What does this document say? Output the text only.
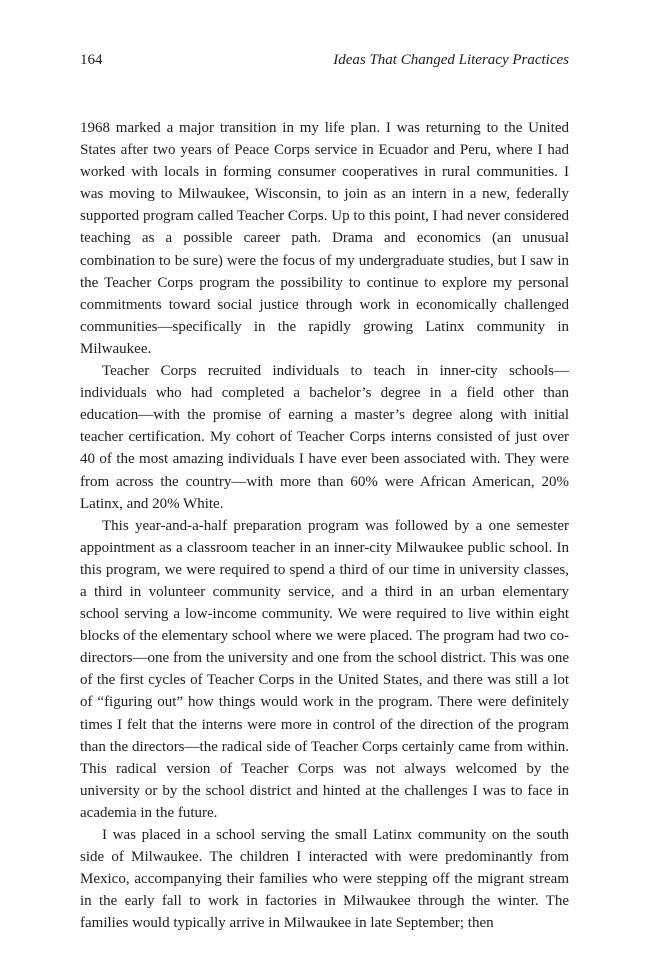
164	Ideas That Changed Literacy Practices

1968 marked a major transition in my life plan. I was returning to the United States after two years of Peace Corps service in Ecuador and Peru, where I had worked with locals in forming consumer cooperatives in rural communities. I was moving to Milwaukee, Wisconsin, to join as an intern in a new, federally supported program called Teacher Corps. Up to this point, I had never considered teaching as a possible career path. Drama and economics (an unusual combination to be sure) were the focus of my undergraduate studies, but I saw in the Teacher Corps program the possibility to continue to explore my personal commitments toward social justice through work in economically challenged communities—specifically in the rapidly growing Latinx community in Milwaukee.

Teacher Corps recruited individuals to teach in inner-city schools—individuals who had completed a bachelor’s degree in a field other than education—with the promise of earning a master’s degree along with initial teacher certification. My cohort of Teacher Corps interns consisted of just over 40 of the most amazing individuals I have ever been associated with. They were from across the country—with more than 60% were African American, 20% Latinx, and 20% White.

This year-and-a-half preparation program was followed by a one semester appointment as a classroom teacher in an inner-city Milwaukee public school. In this program, we were required to spend a third of our time in university classes, a third in volunteer community service, and a third in an urban elementary school serving a low-income community. We were required to live within eight blocks of the elementary school where we were placed. The program had two co-directors—one from the university and one from the school district. This was one of the first cycles of Teacher Corps in the United States, and there was still a lot of “figuring out” how things would work in the program. There were definitely times I felt that the interns were more in control of the direction of the program than the directors—the radical side of Teacher Corps certainly came from within. This radical version of Teacher Corps was not always welcomed by the university or by the school district and hinted at the challenges I was to face in academia in the future.

I was placed in a school serving the small Latinx community on the south side of Milwaukee. The children I interacted with were predominantly from Mexico, accompanying their families who were stepping off the migrant stream in the early fall to work in factories in Milwaukee through the winter. The families would typically arrive in Milwaukee in late September; then
